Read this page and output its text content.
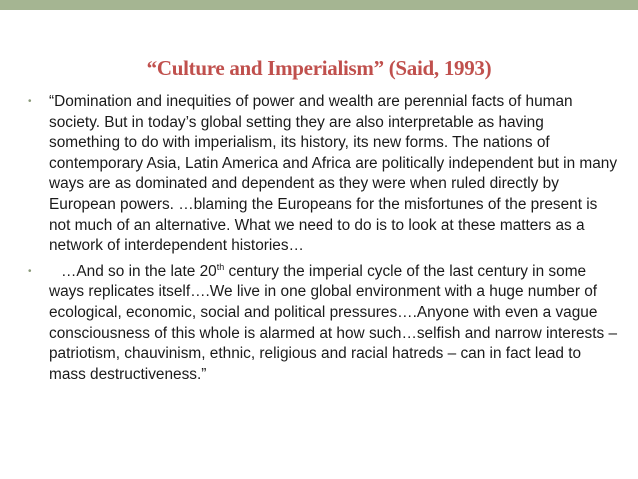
“Culture and Imperialism” (Said, 1993)

• “Domination and inequities of power and wealth are perennial facts of human society. But in today’s global setting they are also interpretable as having something to do with imperialism, its history, its new forms. The nations of contemporary Asia, Latin America and Africa are politically independent but in many ways are as dominated and dependent as they were when ruled directly by European powers. …blaming the Europeans for the misfortunes of the present is not much of an alternative. What we need to do is to look at these matters as a network of interdependent histories…

• …And so in the late 20th century the imperial cycle of the last century in some ways replicates itself….We live in one global environment with a huge number of ecological, economic, social and political pressures….Anyone with even a vague consciousness of this whole is alarmed at how such…selfish and narrow interests – patriotism, chauvinism, ethnic, religious and racial hatreds – can in fact lead to mass destructiveness.”
